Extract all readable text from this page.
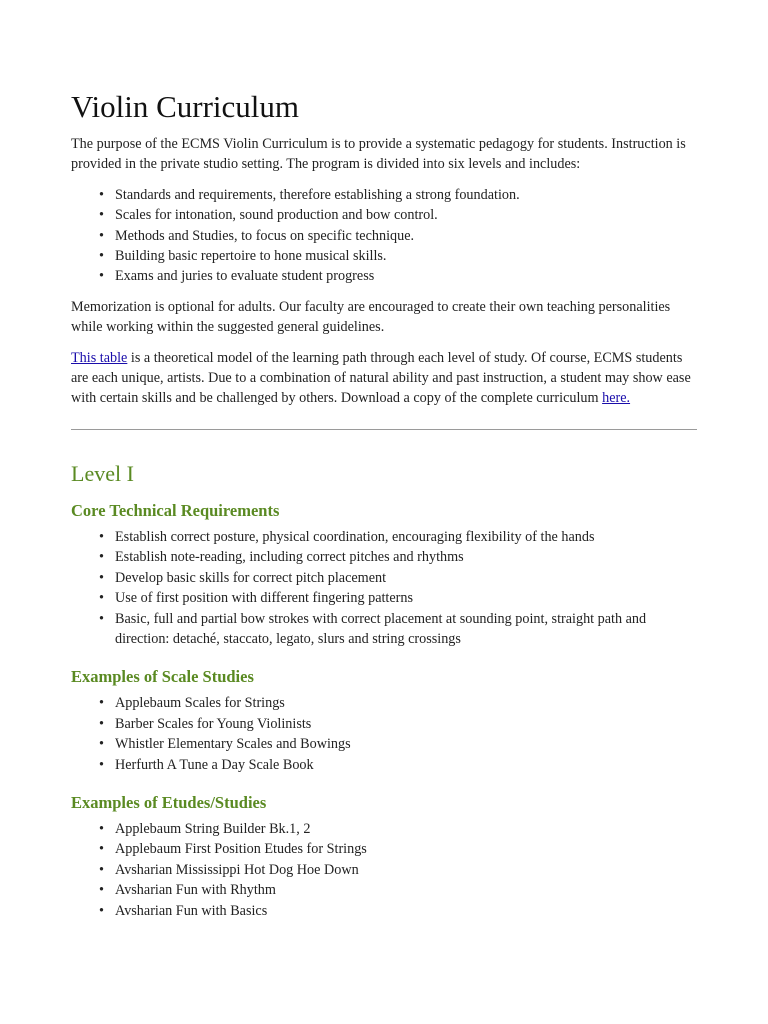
Violin Curriculum

The purpose of the ECMS Violin Curriculum is to provide a systematic pedagogy for students. Instruction is provided in the private studio setting. The program is divided into six levels and includes:

• Standards and requirements, therefore establishing a strong foundation.
• Scales for intonation, sound production and bow control.
• Methods and Studies, to focus on specific technique.
• Building basic repertoire to hone musical skills.
• Exams and juries to evaluate student progress

Memorization is optional for adults. Our faculty are encouraged to create their own teaching personalities while working within the suggested general guidelines.

This table is a theoretical model of the learning path through each level of study. Of course, ECMS students are each unique, artists. Due to a combination of natural ability and past instruction, a student may show ease with certain skills and be challenged by others. Download a copy of the complete curriculum here.

Level I
Core Technical Requirements
• Establish correct posture, physical coordination, encouraging flexibility of the hands
• Establish note-reading, including correct pitches and rhythms
• Develop basic skills for correct pitch placement
• Use of first position with different fingering patterns
• Basic, full and partial bow strokes with correct placement at sounding point, straight path and direction: detaché, staccato, legato, slurs and string crossings
Examples of Scale Studies
• Applebaum Scales for Strings
• Barber Scales for Young Violinists
• Whistler Elementary Scales and Bowings
• Herfurth A Tune a Day Scale Book
Examples of Etudes/Studies
• Applebaum String Builder Bk.1, 2
• Applebaum First Position Etudes for Strings
• Avsharian Mississippi Hot Dog Hoe Down
• Avsharian Fun with Rhythm
• Avsharian Fun with Basics
